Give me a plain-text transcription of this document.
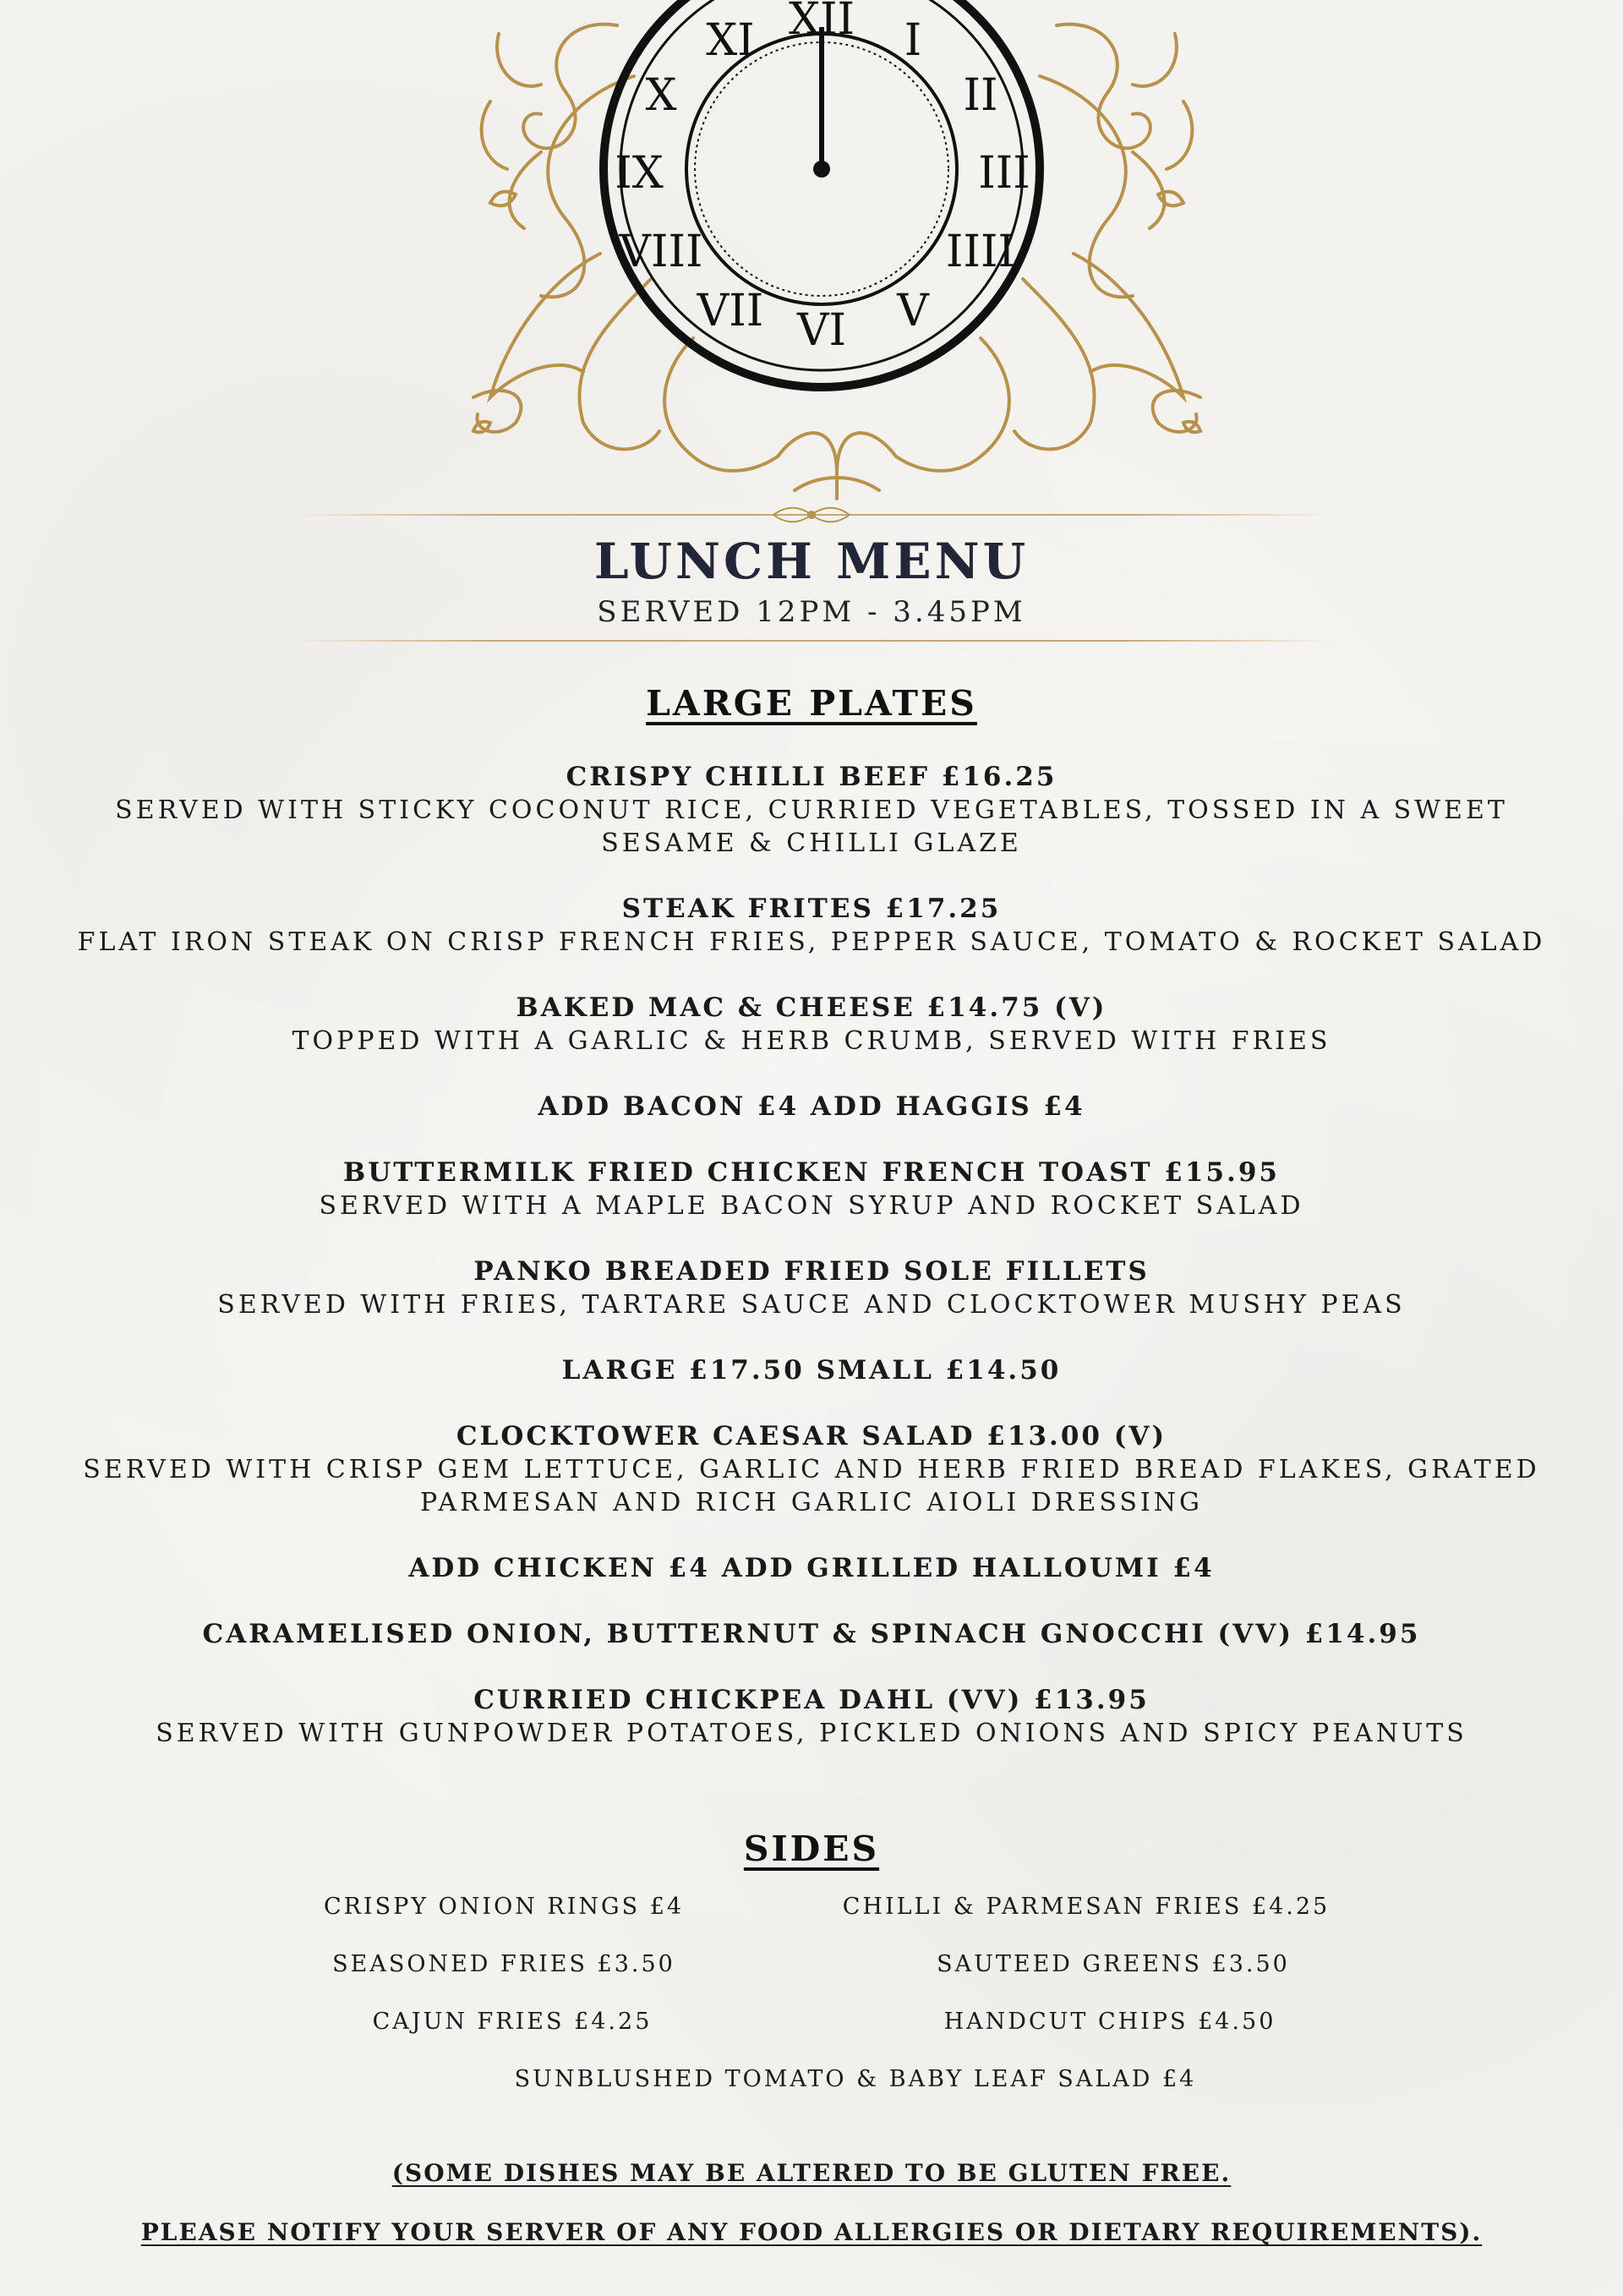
XII I
II
III
IIII
V
VI
VII
VIII
IX
X
XI
LUNCH MENU
SERVED 12PM - 3.45PM
LARGE PLATES
CRISPY CHILLI BEEF £16.25
SERVED WITH STICKY COCONUT RICE, CURRIED VEGETABLES, TOSSED IN A SWEET SESAME & CHILLI GLAZE
STEAK FRITES £17.25
FLAT IRON STEAK ON CRISP FRENCH FRIES, PEPPER SAUCE, TOMATO & ROCKET SALAD
BAKED MAC & CHEESE £14.75 (V)
TOPPED WITH A GARLIC & HERB CRUMB, SERVED WITH FRIES
ADD BACON £4 ADD HAGGIS £4
BUTTERMILK FRIED CHICKEN FRENCH TOAST £15.95
SERVED WITH A MAPLE BACON SYRUP AND ROCKET SALAD
PANKO BREADED FRIED SOLE FILLETS
SERVED WITH FRIES, TARTARE SAUCE AND CLOCKTOWER MUSHY PEAS
LARGE £17.50 SMALL £14.50
CLOCKTOWER CAESAR SALAD £13.00 (V)
SERVED WITH CRISP GEM LETTUCE, GARLIC AND HERB FRIED BREAD FLAKES, GRATED PARMESAN AND RICH GARLIC AIOLI DRESSING
ADD CHICKEN £4 ADD GRILLED HALLOUMI £4
CARAMELISED ONION, BUTTERNUT & SPINACH GNOCCHI (VV) £14.95
CURRIED CHICKPEA DAHL (VV) £13.95
SERVED WITH GUNPOWDER POTATOES, PICKLED ONIONS AND SPICY PEANUTS
SIDES
CRISPY ONION RINGS £4	CHILLI & PARMESAN FRIES £4.25
SEASONED FRIES £3.50	SAUTEED GREENS £3.50
CAJUN FRIES £4.25	HANDCUT CHIPS £4.50
SUNBLUSHED TOMATO & BABY LEAF SALAD £4
(SOME DISHES MAY BE ALTERED TO BE GLUTEN FREE.
PLEASE NOTIFY YOUR SERVER OF ANY FOOD ALLERGIES OR DIETARY REQUIREMENTS).
